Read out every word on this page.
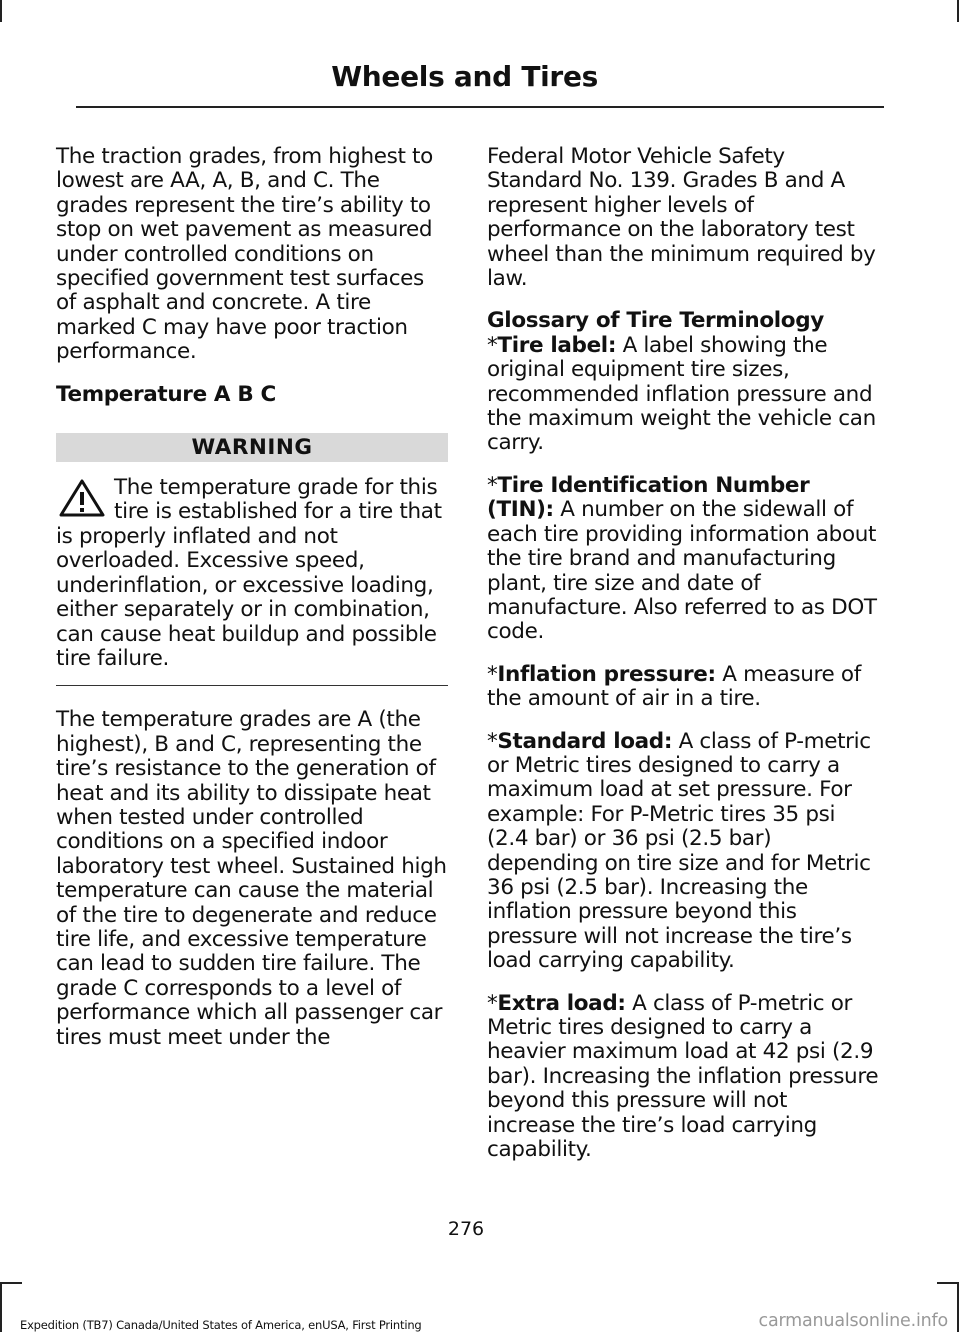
Wheels and Tires

The traction grades, from highest to lowest are AA, A, B, and C. The grades represent the tire’s ability to stop on wet pavement as measured under controlled conditions on specified government test surfaces of asphalt and concrete. A tire marked C may have poor traction performance.

Temperature A B C

WARNING

The temperature grade for this tire is established for a tire that is properly inflated and not overloaded. Excessive speed, underinflation, or excessive loading, either separately or in combination, can cause heat buildup and possible tire failure.

The temperature grades are A (the highest), B and C, representing the tire’s resistance to the generation of heat and its ability to dissipate heat when tested under controlled conditions on a specified indoor laboratory test wheel. Sustained high temperature can cause the material of the tire to degenerate and reduce tire life, and excessive temperature can lead to sudden tire failure. The grade C corresponds to a level of performance which all passenger car tires must meet under the

Federal Motor Vehicle Safety Standard No. 139. Grades B and A represent higher levels of performance on the laboratory test wheel than the minimum required by law.

Glossary of Tire Terminology

*Tire label: A label showing the original equipment tire sizes, recommended inflation pressure and the maximum weight the vehicle can carry.

*Tire Identification Number (TIN): A number on the sidewall of each tire providing information about the tire brand and manufacturing plant, tire size and date of manufacture. Also referred to as DOT code.

*Inflation pressure: A measure of the amount of air in a tire.

*Standard load: A class of P-metric or Metric tires designed to carry a maximum load at set pressure. For example: For P-Metric tires 35 psi (2.4 bar) or 36 psi (2.5 bar) depending on tire size and for Metric 36 psi (2.5 bar). Increasing the inflation pressure beyond this pressure will not increase the tire’s load carrying capability.

*Extra load: A class of P-metric or Metric tires designed to carry a heavier maximum load at 42 psi (2.9 bar). Increasing the inflation pressure beyond this pressure will not increase the tire’s load carrying capability.

276
Expedition (TB7) Canada/United States of America, enUSA, First Printing	carmanualsonline.info
